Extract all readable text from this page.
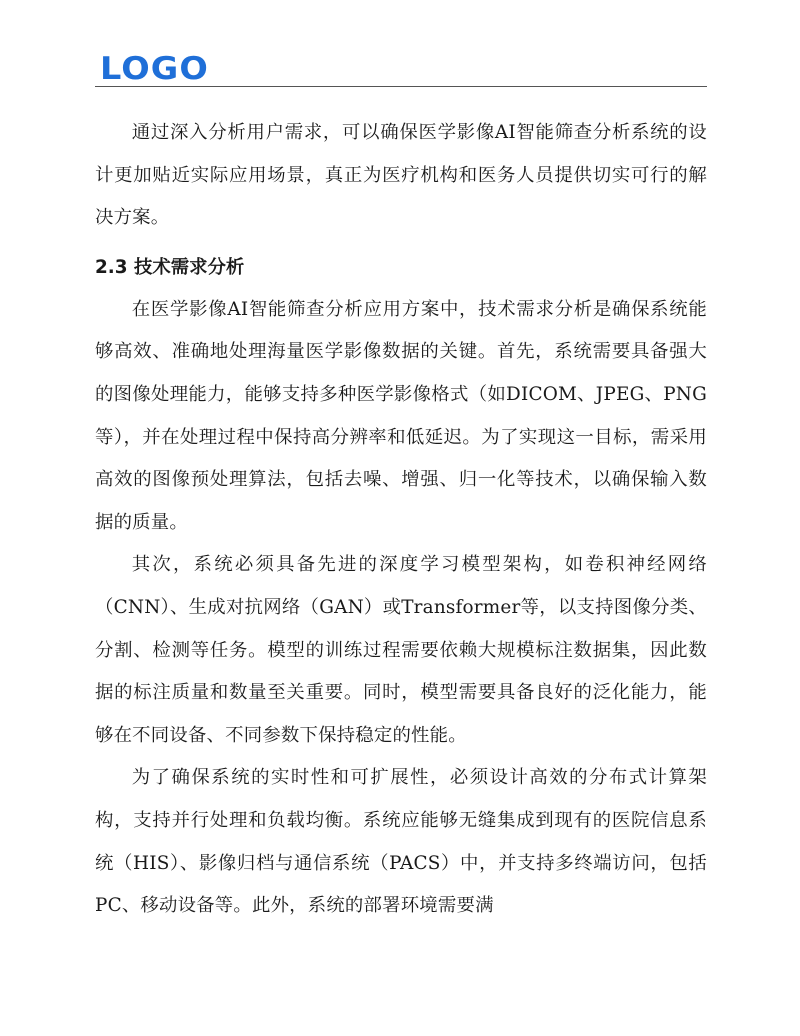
LOGO

通过深入分析用户需求，可以确保医学影像AI智能筛查分析系统的设计更加贴近实际应用场景，真正为医疗机构和医务人员提供切实可行的解决方案。

2.3 技术需求分析

在医学影像AI智能筛查分析应用方案中，技术需求分析是确保系统能够高效、准确地处理海量医学影像数据的关键。首先，系统需要具备强大的图像处理能力，能够支持多种医学影像格式（如DICOM、JPEG、PNG等），并在处理过程中保持高分辨率和低延迟。为了实现这一目标，需采用高效的图像预处理算法，包括去噪、增强、归一化等技术，以确保输入数据的质量。

其次，系统必须具备先进的深度学习模型架构，如卷积神经网络（CNN）、生成对抗网络（GAN）或Transformer等，以支持图像分类、分割、检测等任务。模型的训练过程需要依赖大规模标注数据集，因此数据的标注质量和数量至关重要。同时，模型需要具备良好的泛化能力，能够在不同设备、不同参数下保持稳定的性能。

为了确保系统的实时性和可扩展性，必须设计高效的分布式计算架构，支持并行处理和负载均衡。系统应能够无缝集成到现有的医院信息系统（HIS）、影像归档与通信系统（PACS）中，并支持多终端访问，包括PC、移动设备等。此外，系统的部署环境需要满
